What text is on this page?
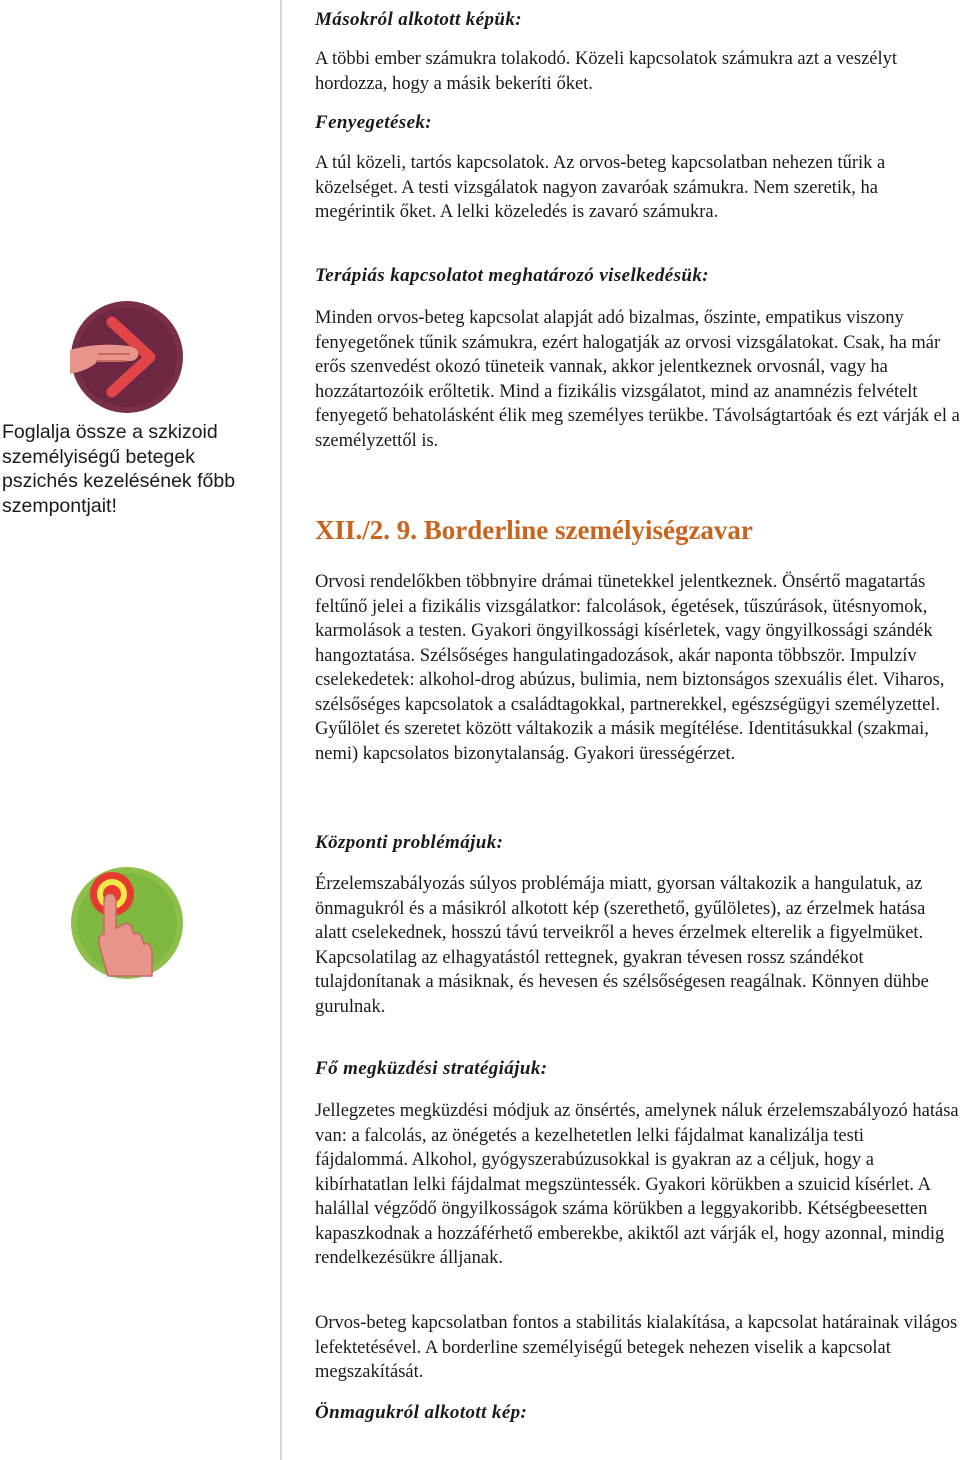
Foglalja össze a szkizoid személyiségű betegek pszichés kezelésének főbb szempontjait!

Másokról alkotott képük:

A többi ember számukra tolakodó. Közeli kapcsolatok számukra azt a veszélyt hordozza, hogy a másik bekeríti őket.

Fenyegetések:

A túl közeli, tartós kapcsolatok. Az orvos-beteg kapcsolatban nehezen tűrik a közelséget. A testi vizsgálatok nagyon zavaróak számukra. Nem szeretik, ha megérintik őket. A lelki közeledés is zavaró számukra.

Terápiás kapcsolatot meghatározó viselkedésük:

Minden orvos-beteg kapcsolat alapját adó bizalmas, őszinte, empatikus viszony fenyegetőnek tűnik számukra, ezért halogatják az orvosi vizsgálatokat. Csak, ha már erős szenvedést okozó tüneteik vannak, akkor jelentkeznek orvosnál, vagy ha hozzátartozóik erőltetik. Mind a fizikális vizsgálatot, mind az anamnézis felvételt fenyegető behatolásként élik meg személyes terükbe. Távolságtartóak és ezt várják el a személyzettől is.

XII./2. 9. Borderline személyiségzavar

Orvosi rendelőkben többnyire drámai tünetekkel jelentkeznek. Önsértő magatartás feltűnő jelei a fizikális vizsgálatkor: falcolások, égetések, tűszúrások, ütésnyomok, karmolások a testen. Gyakori öngyilkossági kísérletek, vagy öngyilkossági szándék hangoztatása. Szélsőséges hangulatingadozások, akár naponta többször. Impulzív cselekedetek: alkohol-drog abúzus, bulimia, nem biztonságos szexuális élet. Viharos, szélsőséges kapcsolatok a családtagokkal, partnerekkel, egészségügyi személyzettel. Gyűlölet és szeretet között váltakozik a másik megítélése. Identitásukkal (szakmai, nemi) kapcsolatos bizonytalanság. Gyakori ürességérzet.

Központi problémájuk:

Érzelemszabályozás súlyos problémája miatt, gyorsan váltakozik a hangulatuk, az önmagukról és a másikról alkotott kép (szerethető, gyűlöletes), az érzelmek hatása alatt cselekednek, hosszú távú terveikről a heves érzelmek elterelik a figyelmüket. Kapcsolatilag az elhagyatástól rettegnek, gyakran tévesen rossz szándékot tulajdonítanak a másiknak, és hevesen és szélsőségesen reagálnak. Könnyen dühbe gurulnak.

Fő megküzdési stratégiájuk:

Jellegzetes megküzdési módjuk az önsértés, amelynek náluk érzelemszabályozó hatása van: a falcolás, az önégetés a kezelhetetlen lelki fájdalmat kanalizálja testi fájdalommá. Alkohol, gyógyszerabúzusokkal is gyakran az a céljuk, hogy a kibírhatatlan lelki fájdalmat megszüntessék. Gyakori körükben a szuicid kísérlet. A halállal végződő öngyilkosságok száma körükben a leggyakoribb. Kétségbeesetten kapaszkodnak a hozzáférhető emberekbe, akiktől azt várják el, hogy azonnal, mindig rendelkezésükre álljanak.

Orvos-beteg kapcsolatban fontos a stabilitás kialakítása, a kapcsolat határainak világos lefektetésével. A borderline személyiségű betegek nehezen viselik a kapcsolat megszakítását.

Önmagukról alkotott kép:
